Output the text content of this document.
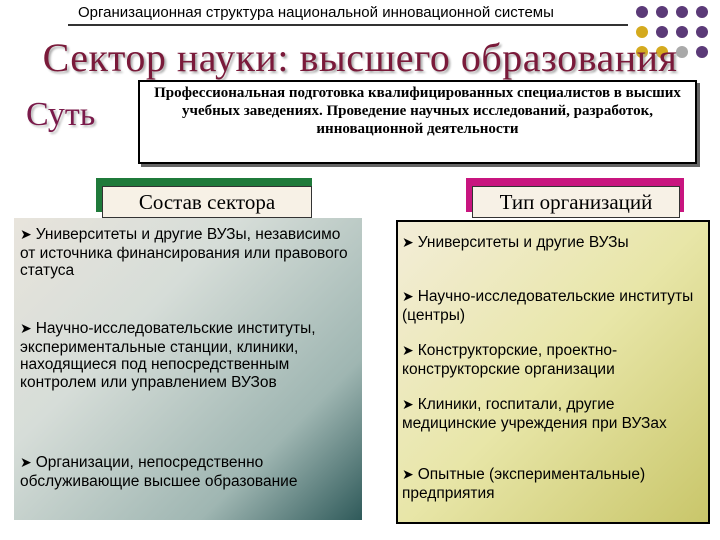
Организационная структура национальной инновационной системы
Сектор науки: высшего образования
Суть
Профессиональная подготовка квалифицированных специалистов в высших учебных заведениях. Проведение научных исследований, разработок, инновационной деятельности
Состав сектора	Тип организаций
➤ Университеты и другие ВУЗы, независимо от источника финансирования или правового статуса
➤ Научно-исследовательские институты, экспериментальные станции, клиники, находящиеся под непосредственным контролем или управлением ВУЗов
➤ Организации, непосредственно обслуживающие высшее образование
➤ Университеты и другие ВУЗы
➤ Научно-исследовательские институты (центры)
➤ Конструкторские, проектно-конструкторские организации
➤ Клиники, госпитали, другие медицинские учреждения при ВУЗах
➤ Опытные (экспериментальные) предприятия
